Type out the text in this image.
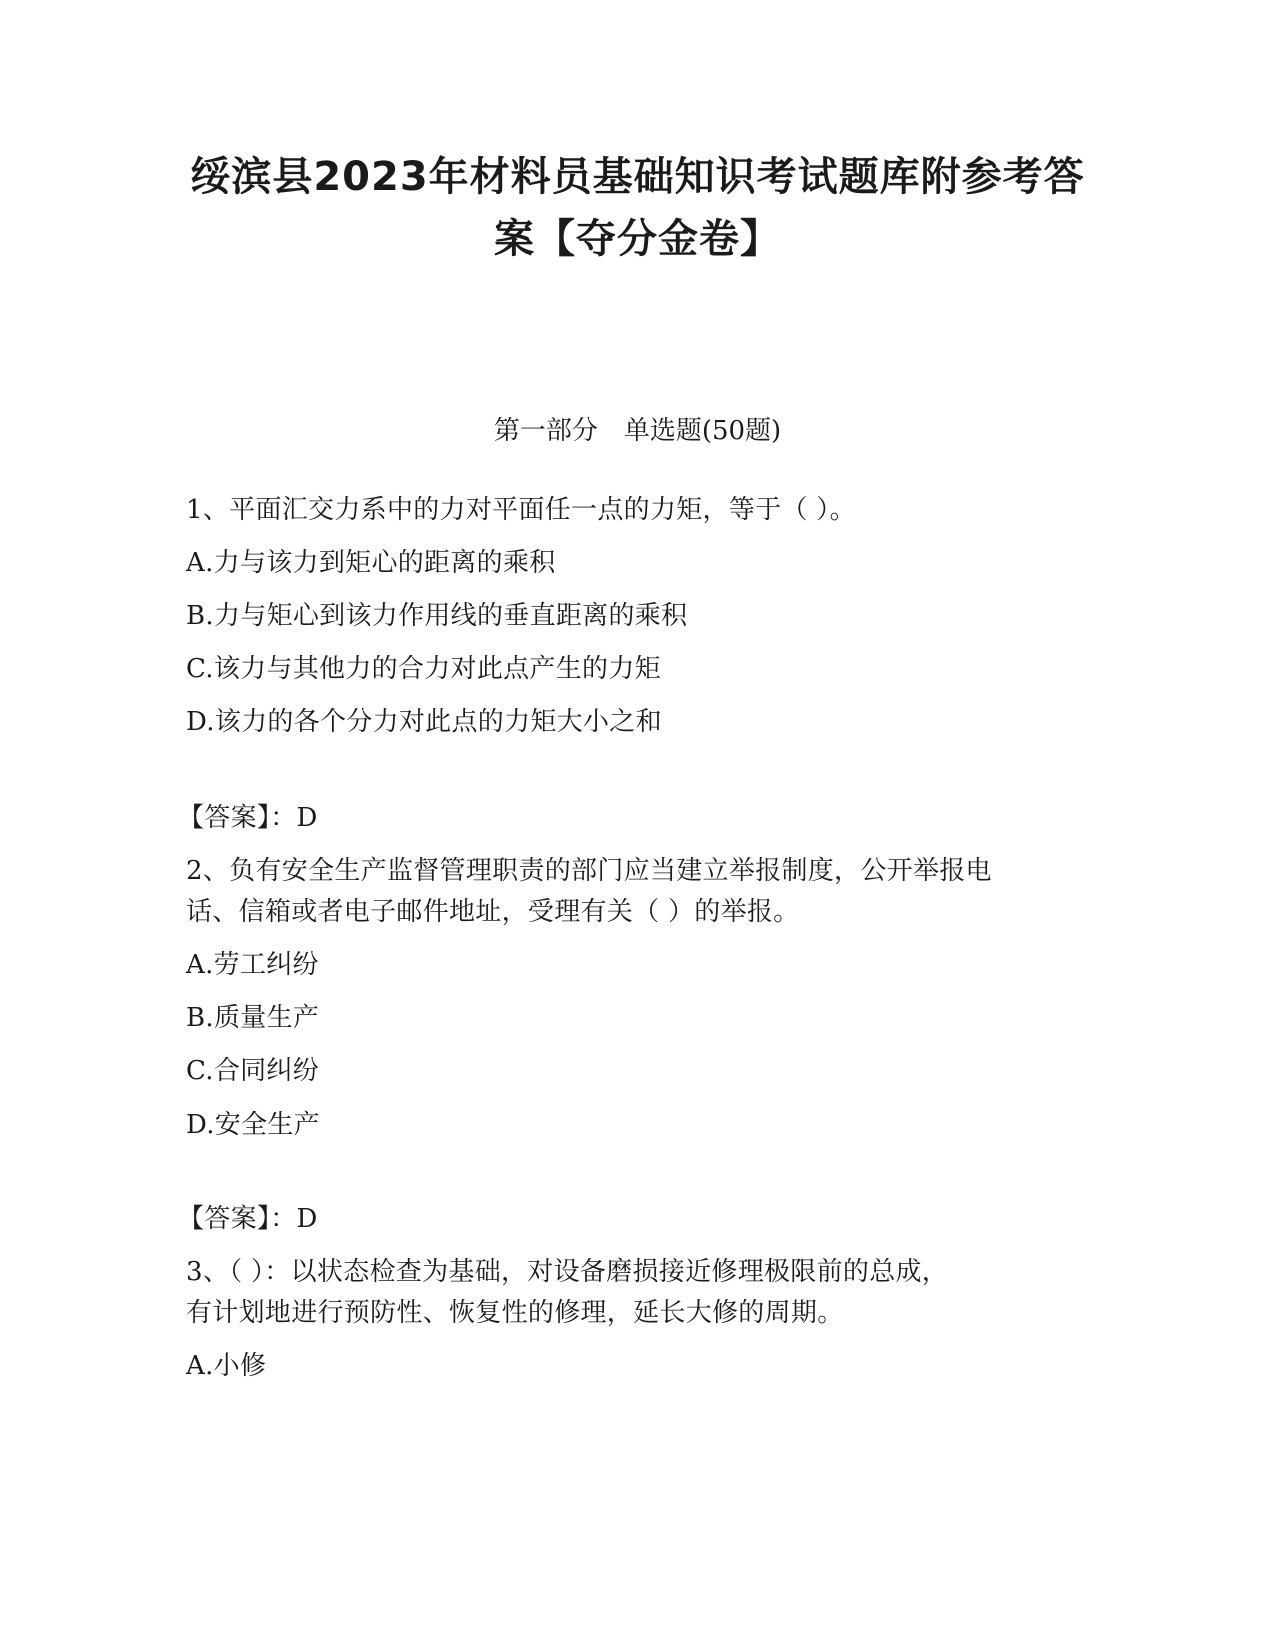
绥滨县2023年材料员基础知识考试题库附参考答
案【夺分金卷】
第一部分　单选题(50题)
1、平面汇交力系中的力对平面任一点的力矩，等于（ ）。
A.力与该力到矩心的距离的乘积
B.力与矩心到该力作用线的垂直距离的乘积
C.该力与其他力的合力对此点产生的力矩
D.该力的各个分力对此点的力矩大小之和
【答案】：D
2、负有安全生产监督管理职责的部门应当建立举报制度，公开举报电
话、信箱或者电子邮件地址，受理有关（ ）的举报。
A.劳工纠纷
B.质量生产
C.合同纠纷
D.安全生产
【答案】：D
3、（ ）：以状态检查为基础，对设备磨损接近修理极限前的总成，
有计划地进行预防性、恢复性的修理，延长大修的周期。
A.小修
